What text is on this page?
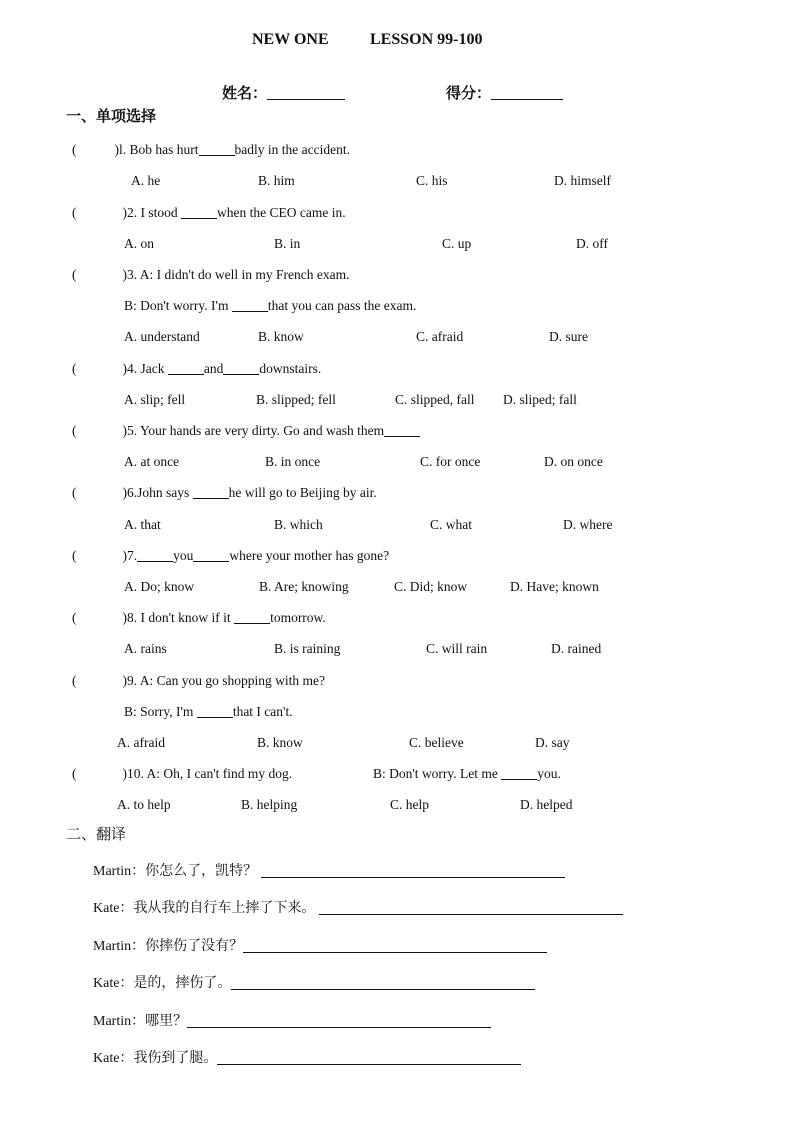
NEW ONE	LESSON 99-100
姓名：	得分：
一、单项选择
(	)l. Bob has hurt	badly in the accident.
A. he	B. him	C. his	D. himself
(	)2. I stood	when the CEO came in.
A. on	B. in	C. up	D. off
(	)3. A: I didn't do well in my French exam.
B: Don't worry. I'm	that you can pass the exam.
A. understand	B. know	C. afraid	D. sure
(	)4. Jack	and	downstairs.
A. slip; fell	B. slipped; fell	C. slipped, fall D. sliped; fall
(	)5. Your hands are very dirty. Go and wash them
A. at once	B. in once	C. for once	D. on once
(	)6.John says	he will go to Beijing by air.
A. that	B. which	C. what	D. where
(	)7.	you	where your mother has gone?
A. Do; know	B. Are; knowing	C. Did; know	D. Have; known
(	)8. I don't know if it	tomorrow.
A. rains	B. is raining	C. will rain	D. rained
(	)9. A: Can you go shopping with me?
B: Sorry, I'm	that I can't.
A. afraid	B. know	C. believe	D. say
(	)10. A: Oh, I can't find my dog.	B: Don't worry. Let me	you.
A. to help	B. helping	C. help	D. helped
二、翻译
Martin：你怎么了，凯特？
Kate：我从我的自行车上摔了下来。
Martin：你摔伤了没有？
Kate：是的，摔伤了。
Martin：哪里？
Kate：我伤到了腿。
